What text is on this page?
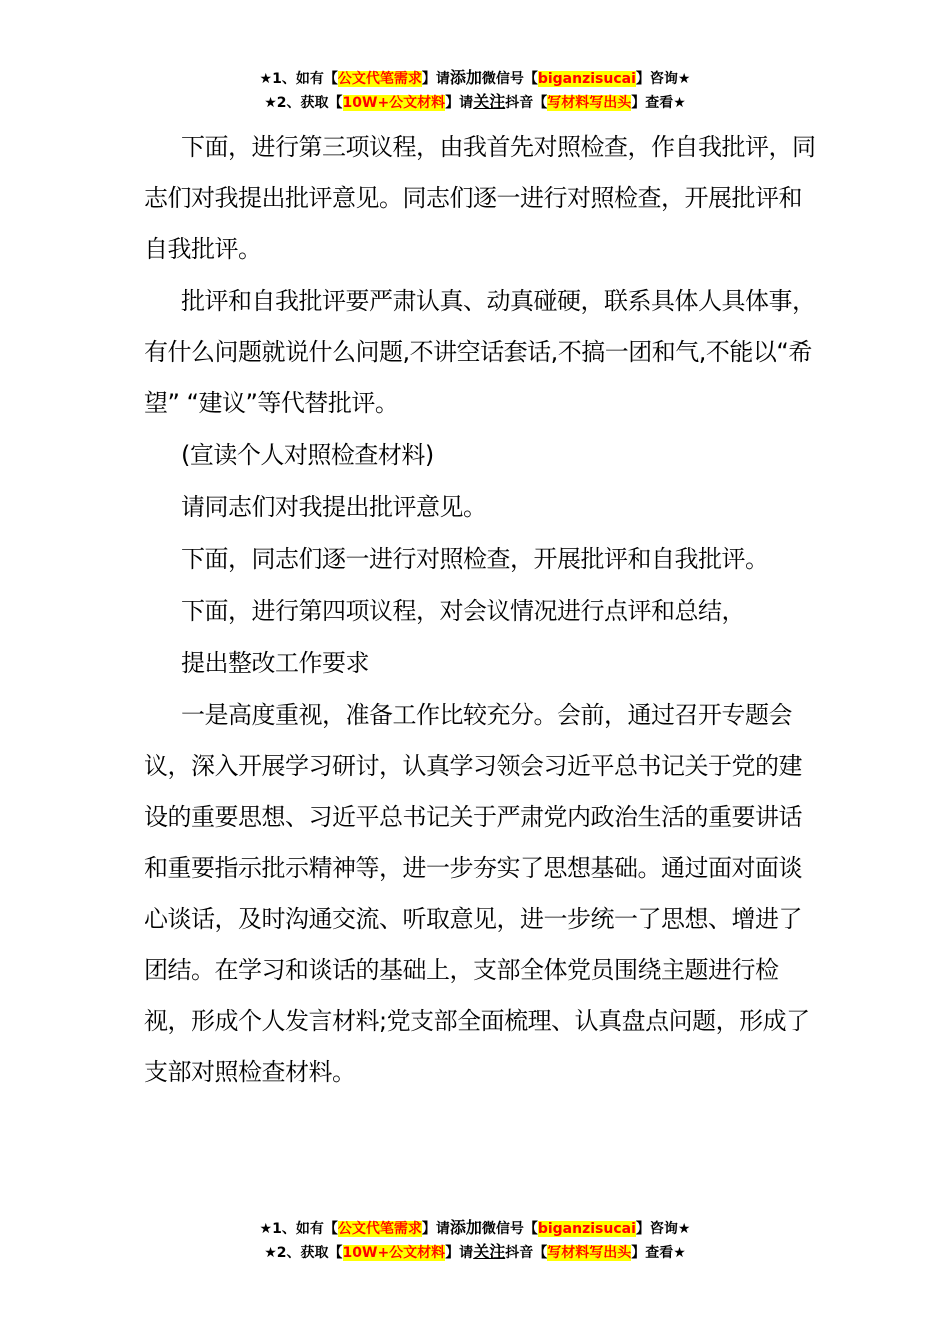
★1、如有【公文代笔需求】请添加微信号【biganzisucai】咨询★
★2、获取【10W+公文材料】请关注抖音【写材料写出头】查看★

下面，进行第三项议程，由我首先对照检查，作自我批评，同志们对我提出批评意见。同志们逐一进行对照检查，开展批评和自我批评。

批评和自我批评要严肃认真、动真碰硬，联系具体人具体事，有什么问题就说什么问题,不讲空话套话,不搞一团和气,不能以“希望” “建议”等代替批评。

(宣读个人对照检查材料)

请同志们对我提出批评意见。

下面，同志们逐一进行对照检查，开展批评和自我批评。

下面，进行第四项议程，对会议情况进行点评和总结，

提出整改工作要求

一是高度重视，准备工作比较充分。会前，通过召开专题会议，深入开展学习研讨，认真学习领会习近平总书记关于党的建设的重要思想、习近平总书记关于严肃党内政治生活的重要讲话和重要指示批示精神等，进一步夯实了思想基础。通过面对面谈心谈话，及时沟通交流、听取意见，进一步统一了思想、增进了团结。在学习和谈话的基础上，支部全体党员围绕主题进行检视，形成个人发言材料;党支部全面梳理、认真盘点问题，形成了支部对照检查材料。

★1、如有【公文代笔需求】请添加微信号【biganzisucai】咨询★
★2、获取【10W+公文材料】请关注抖音【写材料写出头】查看★
